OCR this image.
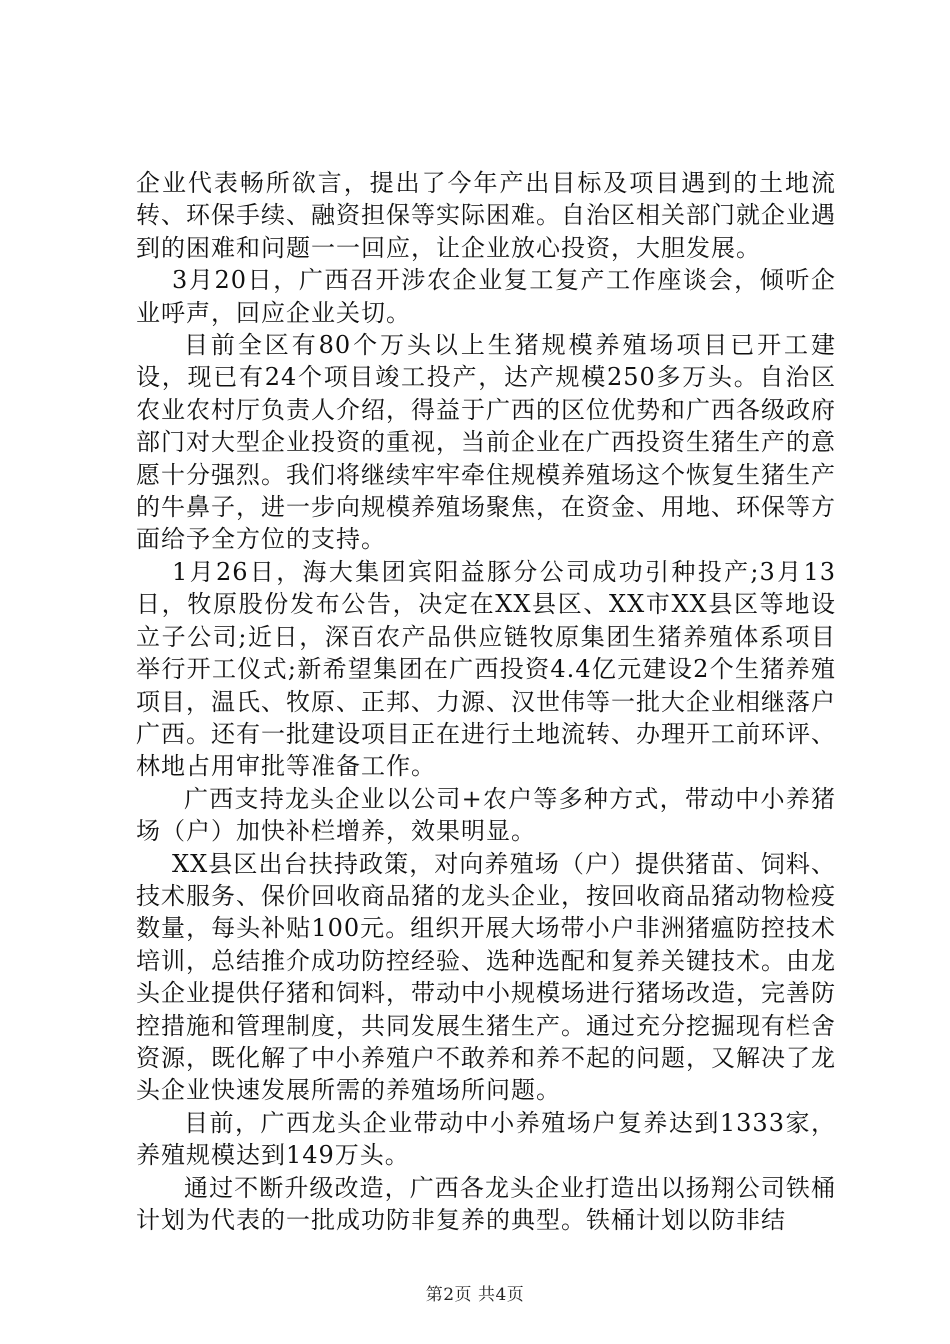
企业代表畅所欲言，提出了今年产出目标及项目遇到的土地流转、环保手续、融资担保等实际困难。自治区相关部门就企业遇到的困难和问题一一回应，让企业放心投资，大胆发展。

3月20日，广西召开涉农企业复工复产工作座谈会，倾听企业呼声，回应企业关切。

目前全区有80个万头以上生猪规模养殖场项目已开工建设，现已有24个项目竣工投产，达产规模250多万头。自治区农业农村厅负责人介绍，得益于广西的区位优势和广西各级政府部门对大型企业投资的重视，当前企业在广西投资生猪生产的意愿十分强烈。我们将继续牢牢牵住规模养殖场这个恢复生猪生产的牛鼻子，进一步向规模养殖场聚焦，在资金、用地、环保等方面给予全方位的支持。

1月26日，海大集团宾阳益豚分公司成功引种投产;3月13日，牧原股份发布公告，决定在XX县区、XX市XX县区等地设立子公司;近日，深百农产品供应链牧原集团生猪养殖体系项目举行开工仪式;新希望集团在广西投资4.4亿元建设2个生猪养殖项目，温氏、牧原、正邦、力源、汉世伟等一批大企业相继落户广西。还有一批建设项目正在进行土地流转、办理开工前环评、林地占用审批等准备工作。

广西支持龙头企业以公司+农户等多种方式，带动中小养猪场（户）加快补栏增养，效果明显。

XX县区出台扶持政策，对向养殖场（户）提供猪苗、饲料、技术服务、保价回收商品猪的龙头企业，按回收商品猪动物检疫数量，每头补贴100元。组织开展大场带小户非洲猪瘟防控技术培训，总结推介成功防控经验、选种选配和复养关键技术。由龙头企业提供仔猪和饲料，带动中小规模场进行猪场改造，完善防控措施和管理制度，共同发展生猪生产。通过充分挖掘现有栏舍资源，既化解了中小养殖户不敢养和养不起的问题，又解决了龙头企业快速发展所需的养殖场所问题。

目前，广西龙头企业带动中小养殖场户复养达到1333家，养殖规模达到149万头。

通过不断升级改造，广西各龙头企业打造出以扬翔公司铁桶计划为代表的一批成功防非复养的典型。铁桶计划以防非结

第2页 共4页
